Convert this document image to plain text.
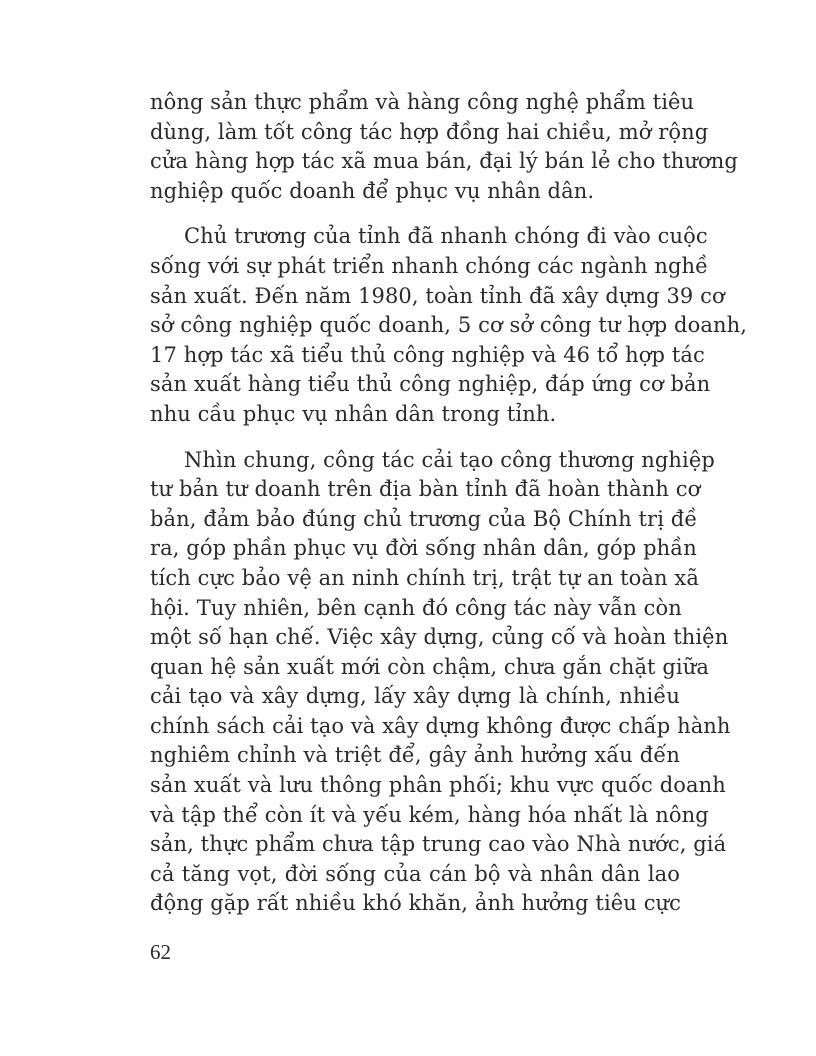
nông sản thực phẩm và hàng công nghệ phẩm tiêu
dùng, làm tốt công tác hợp đồng hai chiều, mở rộng
cửa hàng hợp tác xã mua bán, đại lý bán lẻ cho thương
nghiệp quốc doanh để phục vụ nhân dân.
Chủ trương của tỉnh đã nhanh chóng đi vào cuộc
sống với sự phát triển nhanh chóng các ngành nghề
sản xuất. Đến năm 1980, toàn tỉnh đã xây dựng 39 cơ
sở công nghiệp quốc doanh, 5 cơ sở công tư hợp doanh,
17 hợp tác xã tiểu thủ công nghiệp và 46 tổ hợp tác
sản xuất hàng tiểu thủ công nghiệp, đáp ứng cơ bản
nhu cầu phục vụ nhân dân trong tỉnh.
Nhìn chung, công tác cải tạo công thương nghiệp
tư bản tư doanh trên địa bàn tỉnh đã hoàn thành cơ
bản, đảm bảo đúng chủ trương của Bộ Chính trị đề
ra, góp phần phục vụ đời sống nhân dân, góp phần
tích cực bảo vệ an ninh chính trị, trật tự an toàn xã
hội. Tuy nhiên, bên cạnh đó công tác này vẫn còn
một số hạn chế. Việc xây dựng, củng cố và hoàn thiện
quan hệ sản xuất mới còn chậm, chưa gắn chặt giữa
cải tạo và xây dựng, lấy xây dựng là chính, nhiều
chính sách cải tạo và xây dựng không được chấp hành
nghiêm chỉnh và triệt để, gây ảnh hưởng xấu đến
sản xuất và lưu thông phân phối; khu vực quốc doanh
và tập thể còn ít và yếu kém, hàng hóa nhất là nông
sản, thực phẩm chưa tập trung cao vào Nhà nước, giá
cả tăng vọt, đời sống của cán bộ và nhân dân lao
động gặp rất nhiều khó khăn, ảnh hưởng tiêu cực
62
